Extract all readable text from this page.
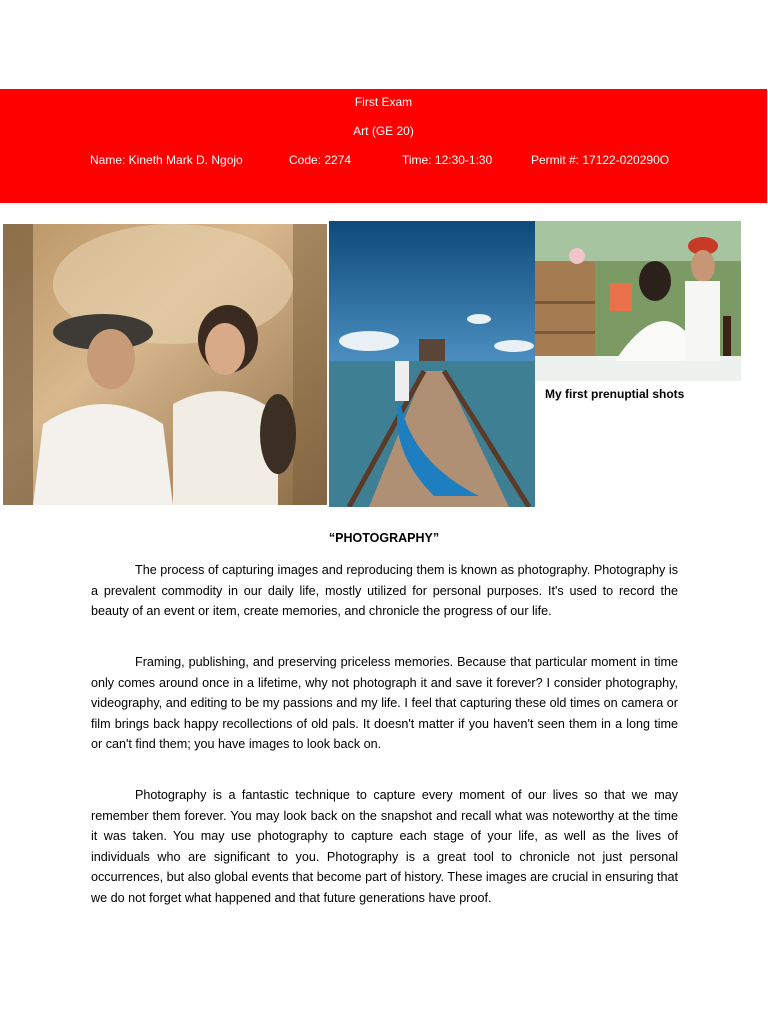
First Exam
Art (GE 20)
Name: Kineth Mark D. Ngojo	Code: 2274	Time: 12:30-1:30	Permit #: 17122-020290O
My first prenuptial shots
“PHOTOGRAPHY”

The process of capturing images and reproducing them is known as photography. Photography is a prevalent commodity in our daily life, mostly utilized for personal purposes. It's used to record the beauty of an event or item, create memories, and chronicle the progress of our life.

Framing, publishing, and preserving priceless memories. Because that particular moment in time only comes around once in a lifetime, why not photograph it and save it forever? I consider photography, videography, and editing to be my passions and my life. I feel that capturing these old times on camera or film brings back happy recollections of old pals. It doesn't matter if you haven't seen them in a long time or can't find them; you have images to look back on.

Photography is a fantastic technique to capture every moment of our lives so that we may remember them forever. You may look back on the snapshot and recall what was noteworthy at the time it was taken. You may use photography to capture each stage of your life, as well as the lives of individuals who are significant to you. Photography is a great tool to chronicle not just personal occurrences, but also global events that become part of history. These images are crucial in ensuring that we do not forget what happened and that future generations have proof.
